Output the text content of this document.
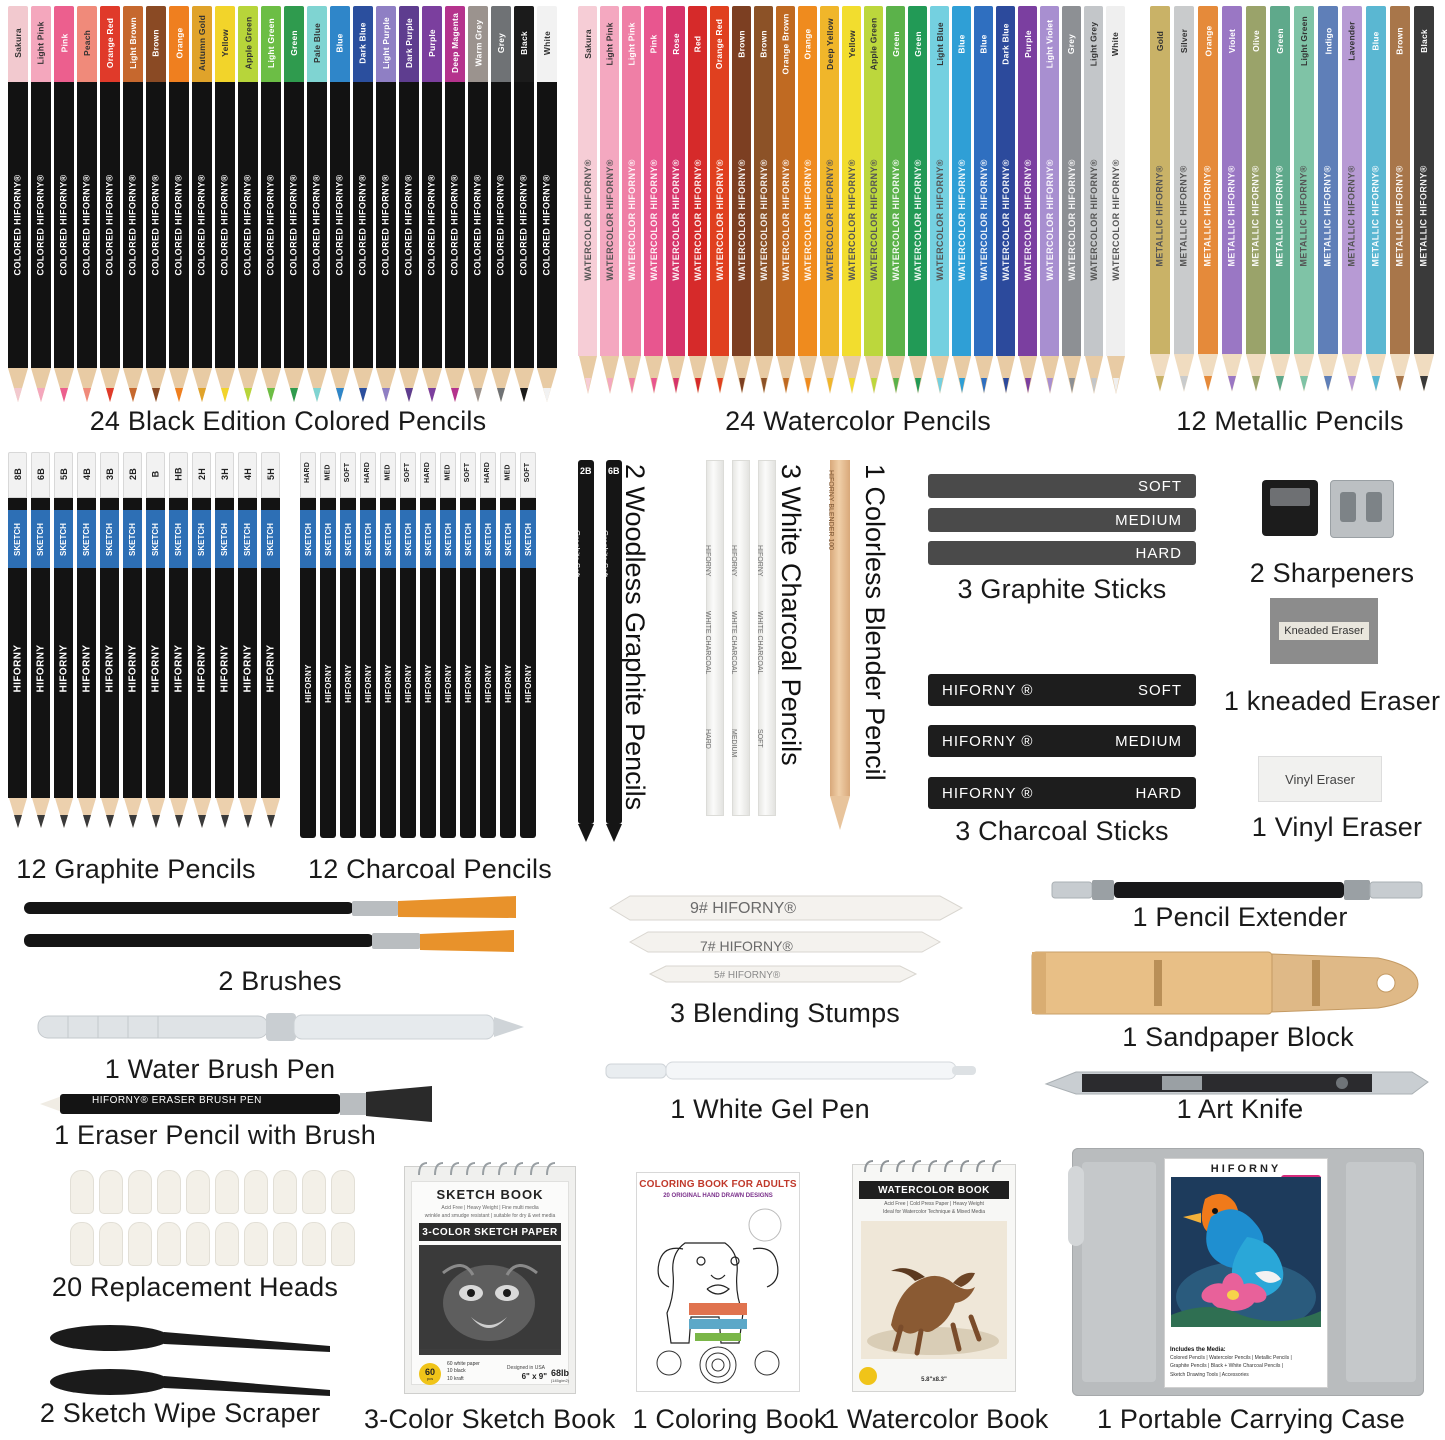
Sakura
COLORED HIFORNY®
Light Pink
COLORED HIFORNY®
Pink
COLORED HIFORNY®
Peach
COLORED HIFORNY®
Orange Red
COLORED HIFORNY®
Light Brown
COLORED HIFORNY®
Brown
COLORED HIFORNY®
Orange
COLORED HIFORNY®
Autumn Gold
COLORED HIFORNY®
Yellow
COLORED HIFORNY®
Apple Green
COLORED HIFORNY®
Light Green
COLORED HIFORNY®
Green
COLORED HIFORNY®
Pale Blue
COLORED HIFORNY®
Blue
COLORED HIFORNY®
Dark Blue
COLORED HIFORNY®
Light Purple
COLORED HIFORNY®
Dark Purple
COLORED HIFORNY®
Purple
COLORED HIFORNY®
Deep Magenta
COLORED HIFORNY®
Warm Grey
COLORED HIFORNY®
Grey
COLORED HIFORNY®
Black
COLORED HIFORNY®
White
COLORED HIFORNY®
24 Black Edition Colored Pencils
Sakura
WATERCOLOR HIFORNY®
Light Pink
WATERCOLOR HIFORNY®
Light Pink
WATERCOLOR HIFORNY®
Pink
WATERCOLOR HIFORNY®
Rose
WATERCOLOR HIFORNY®
Red
WATERCOLOR HIFORNY®
Orange Red
WATERCOLOR HIFORNY®
Brown
WATERCOLOR HIFORNY®
Brown
WATERCOLOR HIFORNY®
Orange Brown
WATERCOLOR HIFORNY®
Orange
WATERCOLOR HIFORNY®
Deep Yellow
WATERCOLOR HIFORNY®
Yellow
WATERCOLOR HIFORNY®
Apple Green
WATERCOLOR HIFORNY®
Green
WATERCOLOR HIFORNY®
Green
WATERCOLOR HIFORNY®
Light Blue
WATERCOLOR HIFORNY®
Blue
WATERCOLOR HIFORNY®
Blue
WATERCOLOR HIFORNY®
Dark Blue
WATERCOLOR HIFORNY®
Purple
WATERCOLOR HIFORNY®
Light Violet
WATERCOLOR HIFORNY®
Grey
WATERCOLOR HIFORNY®
Light Grey
WATERCOLOR HIFORNY®
White
WATERCOLOR HIFORNY®
24 Watercolor Pencils
Gold
METALLIC HIFORNY®
Silver
METALLIC HIFORNY®
Orange
METALLIC HIFORNY®
Violet
METALLIC HIFORNY®
Olive
METALLIC HIFORNY®
Green
METALLIC HIFORNY®
Light Green
METALLIC HIFORNY®
Indigo
METALLIC HIFORNY®
Lavender
METALLIC HIFORNY®
Blue
METALLIC HIFORNY®
Brown
METALLIC HIFORNY®
Black
METALLIC HIFORNY®
12 Metallic Pencils
8B
SKETCH
HIFORNY
6B
SKETCH
HIFORNY
5B
SKETCH
HIFORNY
4B
SKETCH
HIFORNY
3B
SKETCH
HIFORNY
2B
SKETCH
HIFORNY
B
SKETCH
HIFORNY
HB
SKETCH
HIFORNY
2H
SKETCH
HIFORNY
3H
SKETCH
HIFORNY
4H
SKETCH
HIFORNY
5H
SKETCH
HIFORNY
12 Graphite Pencils
HARD
SKETCH
HIFORNY
MED
SKETCH
HIFORNY
SOFT
SKETCH
HIFORNY
HARD
SKETCH
HIFORNY
MED
SKETCH
HIFORNY
SOFT
SKETCH
HIFORNY
HARD
SKETCH
HIFORNY
MED
SKETCH
HIFORNY
SOFT
SKETCH
HIFORNY
HARD
SKETCH
HIFORNY
MED
SKETCH
HIFORNY
SOFT
SKETCH
HIFORNY
12 Charcoal Pencils
2B
Graphite Soft
6B
Graphite Soft 2 Woodless Graphite Pencils	HIFORNY
WHITE CHARCOAL
HARD
HIFORNY
WHITE CHARCOAL
MEDIUM
HIFORNY
WHITE CHARCOAL
SOFT 3 White Charcoal Pencils	HIFORNY BLENDER 100 1 Colorless Blender Pencil	SOFT
MEDIUM
HARD
3 Graphite Sticks
HIFORNY ®	SOFT
HIFORNY ®	MEDIUM
HIFORNY ®	HARD
3 Charcoal Sticks
2 Sharpeners
Kneaded Eraser
1 kneaded Eraser
Vinyl Eraser
1 Vinyl Eraser
2 Brushes
1 Water Brush Pen
HIFORNY® ERASER BRUSH PEN
1 Eraser Pencil with Brush
20 Replacement Heads
2 Sketch Wipe Scraper
9# HIFORNY®
7# HIFORNY®
5# HIFORNY®
3 Blending Stumps
1 White Gel Pen
1 Pencil Extender
1 Sandpaper Block
1 Art Knife
SKETCH BOOK
Acid Free | Heavy Weight | Fine multi media
wrinkle and smudge resistant | suitable for dry & wet media
3-COLOR SKETCH PAPER
60
pcs
60 white paper
10 black
10 kraft
Designed in USA
6" x 9" 68lb
(145g/m2)
3-Color Sketch Book
COLORING BOOK FOR ADULTS
20 ORIGINAL HAND DRAWN DESIGNS
1 Coloring Book
WATERCOLOR BOOK
Acid Free | Cold Press Paper | Heavy Weight
Ideal for Watercolor Technique & Mixed Media
5.8"x8.3"
1 Watercolor Book
HIFORNY
Includes the Media:
Colored Pencils | Watercolor Pencils | Metallic Pencils |
Graphite Pencils | Black + White Charcoal Pencils |
Sketch Drawing Tools | Accessories
1 Portable Carrying Case
